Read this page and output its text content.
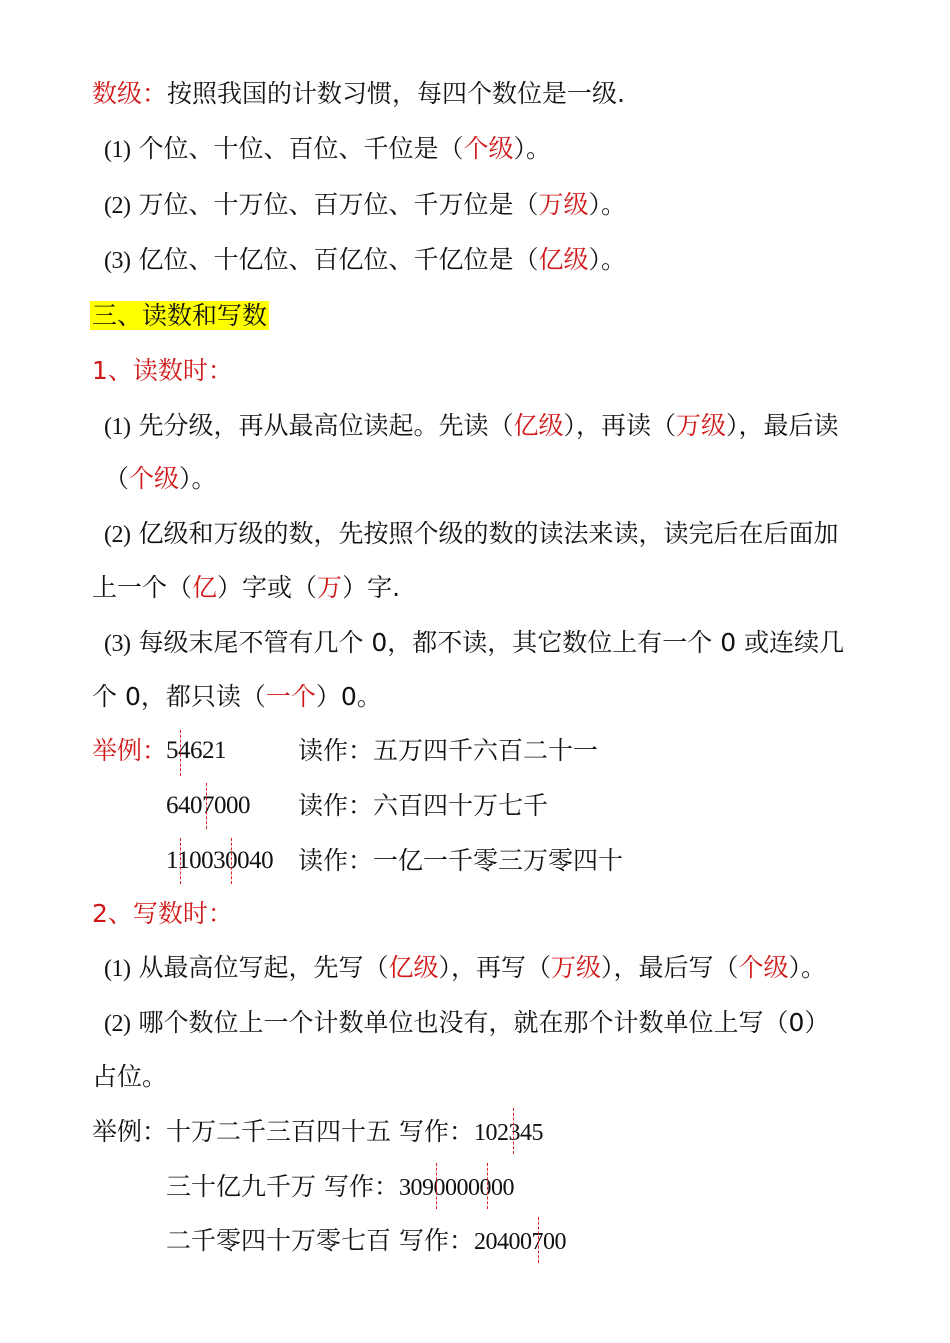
数级：按照我国的计数习惯，每四个数位是一级.
(1) 个位、十位、百位、千位是（个级）。
(2) 万位、十万位、百万位、千万位是（万级）。
(3) 亿位、十亿位、百亿位、千亿位是（亿级）。
三、读数和写数
1、读数时：
(1) 先分级，再从最高位读起。先读（亿级），再读（万级），最后读
（个级）。
(2) 亿级和万级的数，先按照个级的数的读法来读，读完后在后面加
上一个（亿）字或（万）字.
(3) 每级末尾不管有几个 0，都不读，其它数位上有一个 0 或连续几
个 0，都只读（一个）0。
举例：
54621	读作：五万四千六百二十一
6407000 读作：六百四十万七千
110030040 读作：一亿一千零三万零四十
2、写数时：
(1) 从最高位写起，先写（亿级），再写（万级），最后写（个级）。
(2) 哪个数位上一个计数单位也没有，就在那个计数单位上写（0）
占位。
举例：
十万二千三百四十五 写作：102345
三十亿九千万 写作：3090000000
二千零四十万零七百 写作：20400700
